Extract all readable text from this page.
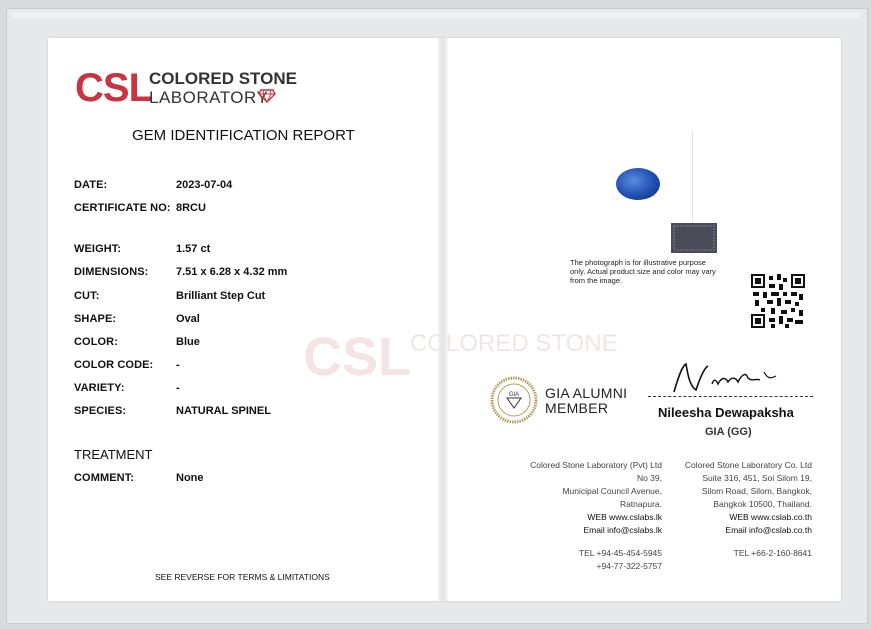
CSL
COLORED STONE
LABORATORY
GEM IDENTIFICATION REPORT
CSL COLORED STONE
DATE:	2023-07-04
CERTIFICATE NO: 8RCU
WEIGHT:	1.57 ct
DIMENSIONS:	7.51 x 6.28 x 4.32 mm
CUT:	Brilliant Step Cut
SHAPE:	Oval
COLOR:	Blue
COLOR CODE: -
VARIETY:	-
SPECIES:	NATURAL SPINEL
TREATMENT
COMMENT:	None
SEE REVERSE FOR TERMS & LIMITATIONS
The photograph is for illustrative purpose only. Actual product size and color may vary from the image.
GIA GIA ALUMNI
MEMBER	Nileesha Dewapaksha
GIA (GG)
Colored Stone Laboratory (Pvt) Ltd
No 39,
Municipal Council Avenue,
Ratnapura.
WEB www.cslabs.lk
Email info@cslabs.lk
TEL +94-45-454-5945
+94-77-322-5757
Colored Stone Laboratory Co. Ltd
Suite 316, 451, Soi Silom 19,
Silom Road, Silom, Bangkok,
Bangkok 10500, Thailand.
WEB www.cslab.co.th
Email info@cslab.co.th
TEL +66-2-160-8641
